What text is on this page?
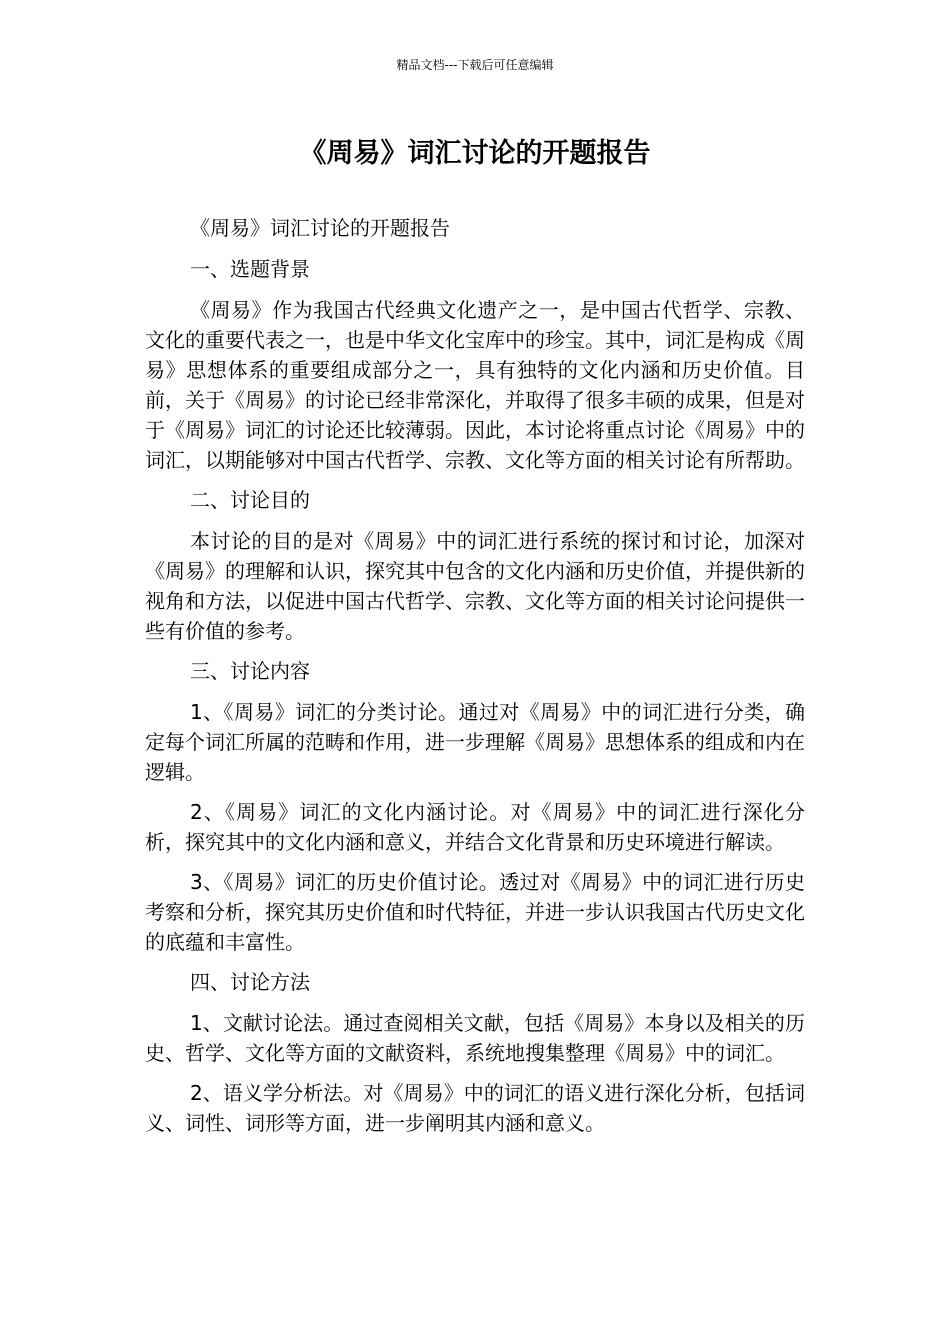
精品文档---下载后可任意编辑
《周易》词汇讨论的开题报告

《周易》词汇讨论的开题报告

一、选题背景

《周易》作为我国古代经典文化遗产之一，是中国古代哲学、宗教、文化的重要代表之一，也是中华文化宝库中的珍宝。其中，词汇是构成《周易》思想体系的重要组成部分之一，具有独特的文化内涵和历史价值。目前，关于《周易》的讨论已经非常深化，并取得了很多丰硕的成果，但是对于《周易》词汇的讨论还比较薄弱。因此，本讨论将重点讨论《周易》中的词汇，以期能够对中国古代哲学、宗教、文化等方面的相关讨论有所帮助。

二、讨论目的

本讨论的目的是对《周易》中的词汇进行系统的探讨和讨论，加深对《周易》的理解和认识，探究其中包含的文化内涵和历史价值，并提供新的视角和方法，以促进中国古代哲学、宗教、文化等方面的相关讨论问提供一些有价值的参考。

三、讨论内容

1、《周易》词汇的分类讨论。通过对《周易》中的词汇进行分类，确定每个词汇所属的范畴和作用，进一步理解《周易》思想体系的组成和内在逻辑。

2、《周易》词汇的文化内涵讨论。对《周易》中的词汇进行深化分析，探究其中的文化内涵和意义，并结合文化背景和历史环境进行解读。

3、《周易》词汇的历史价值讨论。透过对《周易》中的词汇进行历史考察和分析，探究其历史价值和时代特征，并进一步认识我国古代历史文化的底蕴和丰富性。

四、讨论方法

1、文献讨论法。通过查阅相关文献，包括《周易》本身以及相关的历史、哲学、文化等方面的文献资料，系统地搜集整理《周易》中的词汇。

2、语义学分析法。对《周易》中的词汇的语义进行深化分析，包括词义、词性、词形等方面，进一步阐明其内涵和意义。
